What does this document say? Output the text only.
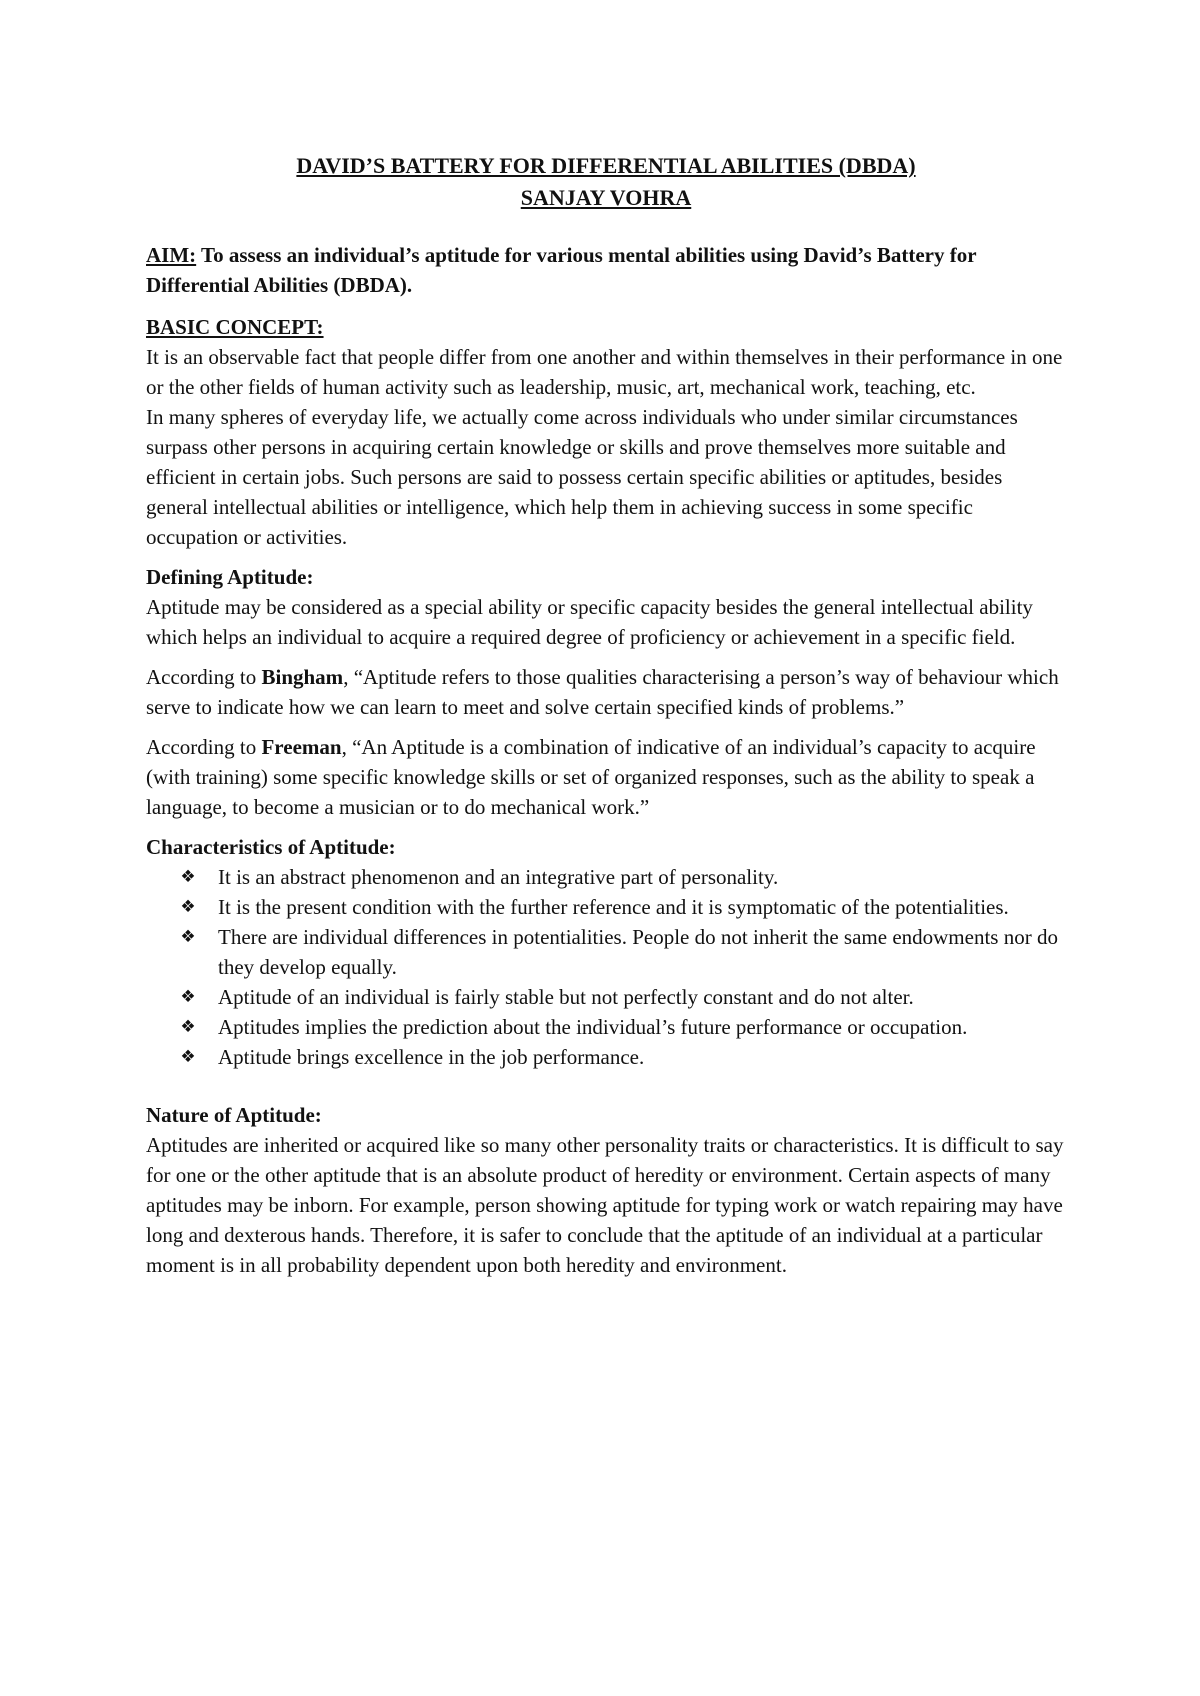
DAVID’S BATTERY FOR DIFFERENTIAL ABILITIES (DBDA)
SANJAY VOHRA

AIM: To assess an individual’s aptitude for various mental abilities using David’s Battery for Differential Abilities (DBDA).

BASIC CONCEPT:

It is an observable fact that people differ from one another and within themselves in their performance in one or the other fields of human activity such as leadership, music, art, mechanical work, teaching, etc.

In many spheres of everyday life, we actually come across individuals who under similar circumstances surpass other persons in acquiring certain knowledge or skills and prove themselves more suitable and efficient in certain jobs. Such persons are said to possess certain specific abilities or aptitudes, besides general intellectual abilities or intelligence, which help them in achieving success in some specific occupation or activities.

Defining Aptitude:

Aptitude may be considered as a special ability or specific capacity besides the general intellectual ability which helps an individual to acquire a required degree of proficiency or achievement in a specific field.

According to Bingham, “Aptitude refers to those qualities characterising a person’s way of behaviour which serve to indicate how we can learn to meet and solve certain specified kinds of problems.”

According to Freeman, “An Aptitude is a combination of indicative of an individual’s capacity to acquire (with training) some specific knowledge skills or set of organized responses, such as the ability to speak a language, to become a musician or to do mechanical work.”

Characteristics of Aptitude:

❖ It is an abstract phenomenon and an integrative part of personality.
❖ It is the present condition with the further reference and it is symptomatic of the potentialities.
❖ There are individual differences in potentialities. People do not inherit the same endowments nor do they develop equally.
❖ Aptitude of an individual is fairly stable but not perfectly constant and do not alter.
❖ Aptitudes implies the prediction about the individual’s future performance or occupation.
❖ Aptitude brings excellence in the job performance.

Nature of Aptitude:

Aptitudes are inherited or acquired like so many other personality traits or characteristics. It is difficult to say for one or the other aptitude that is an absolute product of heredity or environment. Certain aspects of many aptitudes may be inborn. For example, person showing aptitude for typing work or watch repairing may have long and dexterous hands. Therefore, it is safer to conclude that the aptitude of an individual at a particular moment is in all probability dependent upon both heredity and environment.
